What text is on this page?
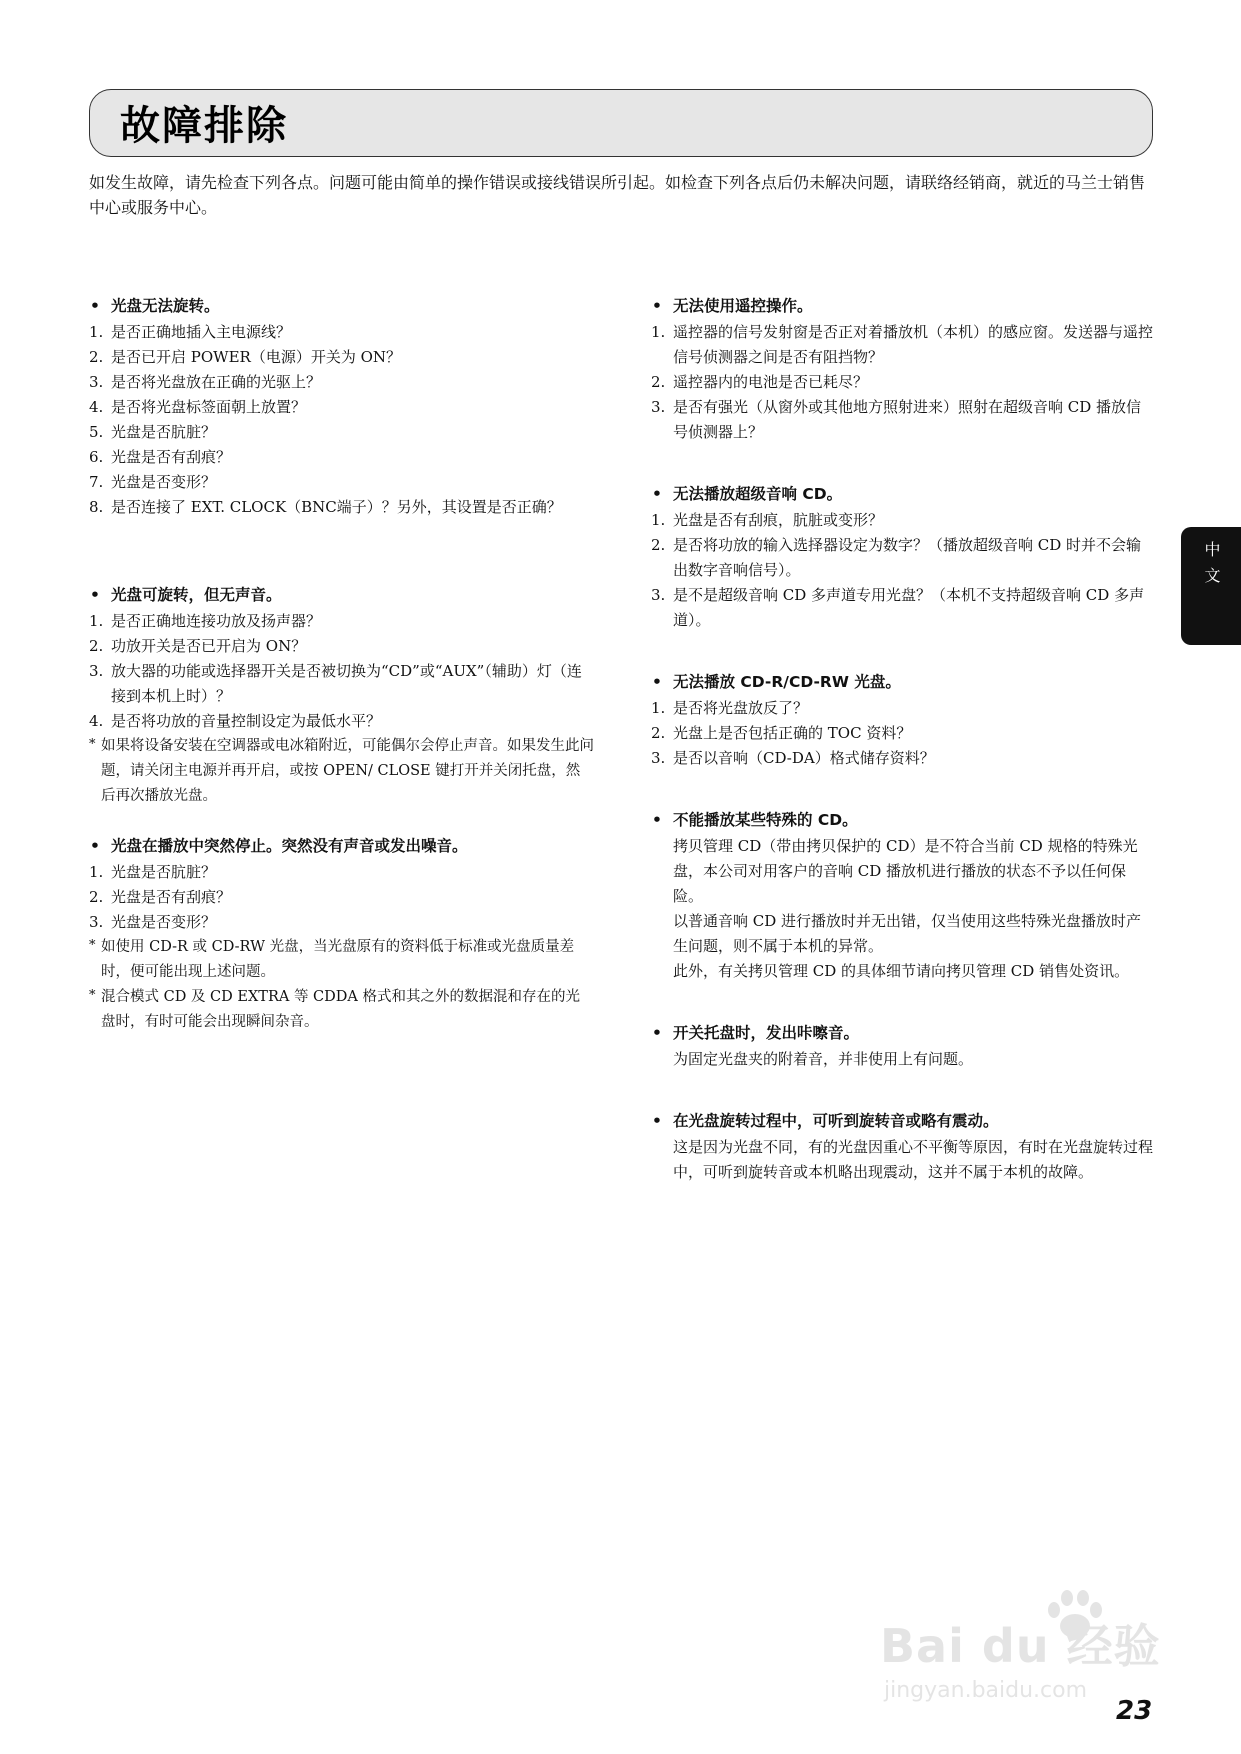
故障排除
如发生故障，请先检查下列各点。问题可能由简单的操作错误或接线错误所引起。如检查下列各点后仍未解决问题，请联络经销商，就近的马兰士销售中心或服务中心。
• 光盘无法旋转。
1. 是否正确地插入主电源线？
2. 是否已开启 POWER（电源）开关为 ON？
3. 是否将光盘放在正确的光驱上？
4. 是否将光盘标签面朝上放置？
5. 光盘是否肮脏？
6. 光盘是否有刮痕？
7. 光盘是否变形？
8. 是否连接了 EXT. CLOCK（BNC端子）？另外，其设置是否正确？
• 光盘可旋转，但无声音。
1. 是否正确地连接功放及扬声器？
2. 功放开关是否已开启为 ON？
3. 放大器的功能或选择器开关是否被切换为“CD”或“AUX”（辅助）灯（连接到本机上时）？
4. 是否将功放的音量控制设定为最低水平？
* 如果将设备安装在空调器或电冰箱附近，可能偶尔会停止声音。如果发生此问题，请关闭主电源并再开启，或按 OPEN/ CLOSE 键打开并关闭托盘，然后再次播放光盘。
• 光盘在播放中突然停止。突然没有声音或发出噪音。
1. 光盘是否肮脏？
2. 光盘是否有刮痕？
3. 光盘是否变形？
* 如使用 CD-R 或 CD-RW 光盘，当光盘原有的资料低于标准或光盘质量差时，便可能出现上述问题。
* 混合模式 CD 及 CD EXTRA 等 CDDA 格式和其之外的数据混和存在的光盘时，有时可能会出现瞬间杂音。
• 无法使用遥控操作。
1. 遥控器的信号发射窗是否正对着播放机（本机）的感应窗。发送器与遥控信号侦测器之间是否有阻挡物？
2. 遥控器内的电池是否已耗尽？
3. 是否有强光（从窗外或其他地方照射进来）照射在超级音响 CD 播放信号侦测器上？
• 无法播放超级音响 CD。
1. 光盘是否有刮痕，肮脏或变形？
2. 是否将功放的输入选择器设定为数字？（播放超级音响 CD 时并不会输出数字音响信号）。
3. 是不是超级音响 CD 多声道专用光盘？（本机不支持超级音响 CD 多声道）。
• 无法播放 CD-R/CD-RW 光盘。
1. 是否将光盘放反了？
2. 光盘上是否包括正确的 TOC 资料？
3. 是否以音响（CD-DA）格式储存资料？
• 不能播放某些特殊的 CD。
拷贝管理 CD（带由拷贝保护的 CD）是不符合当前 CD 规格的特殊光盘，本公司对用客户的音响 CD 播放机进行播放的状态不予以任何保险。
以普通音响 CD 进行播放时并无出错，仅当使用这些特殊光盘播放时产生问题，则不属于本机的异常。
此外，有关拷贝管理 CD 的具体细节请向拷贝管理 CD 销售处资讯。
• 开关托盘时，发出咔嚓音。
为固定光盘夹的附着音，并非使用上有问题。
• 在光盘旋转过程中，可听到旋转音或略有震动。
这是因为光盘不同，有的光盘因重心不平衡等原因，有时在光盘旋转过程中，可听到旋转音或本机略出现震动，这并不属于本机的故障。
中文
Bai du 经验
jingyan.baidu.com
23
